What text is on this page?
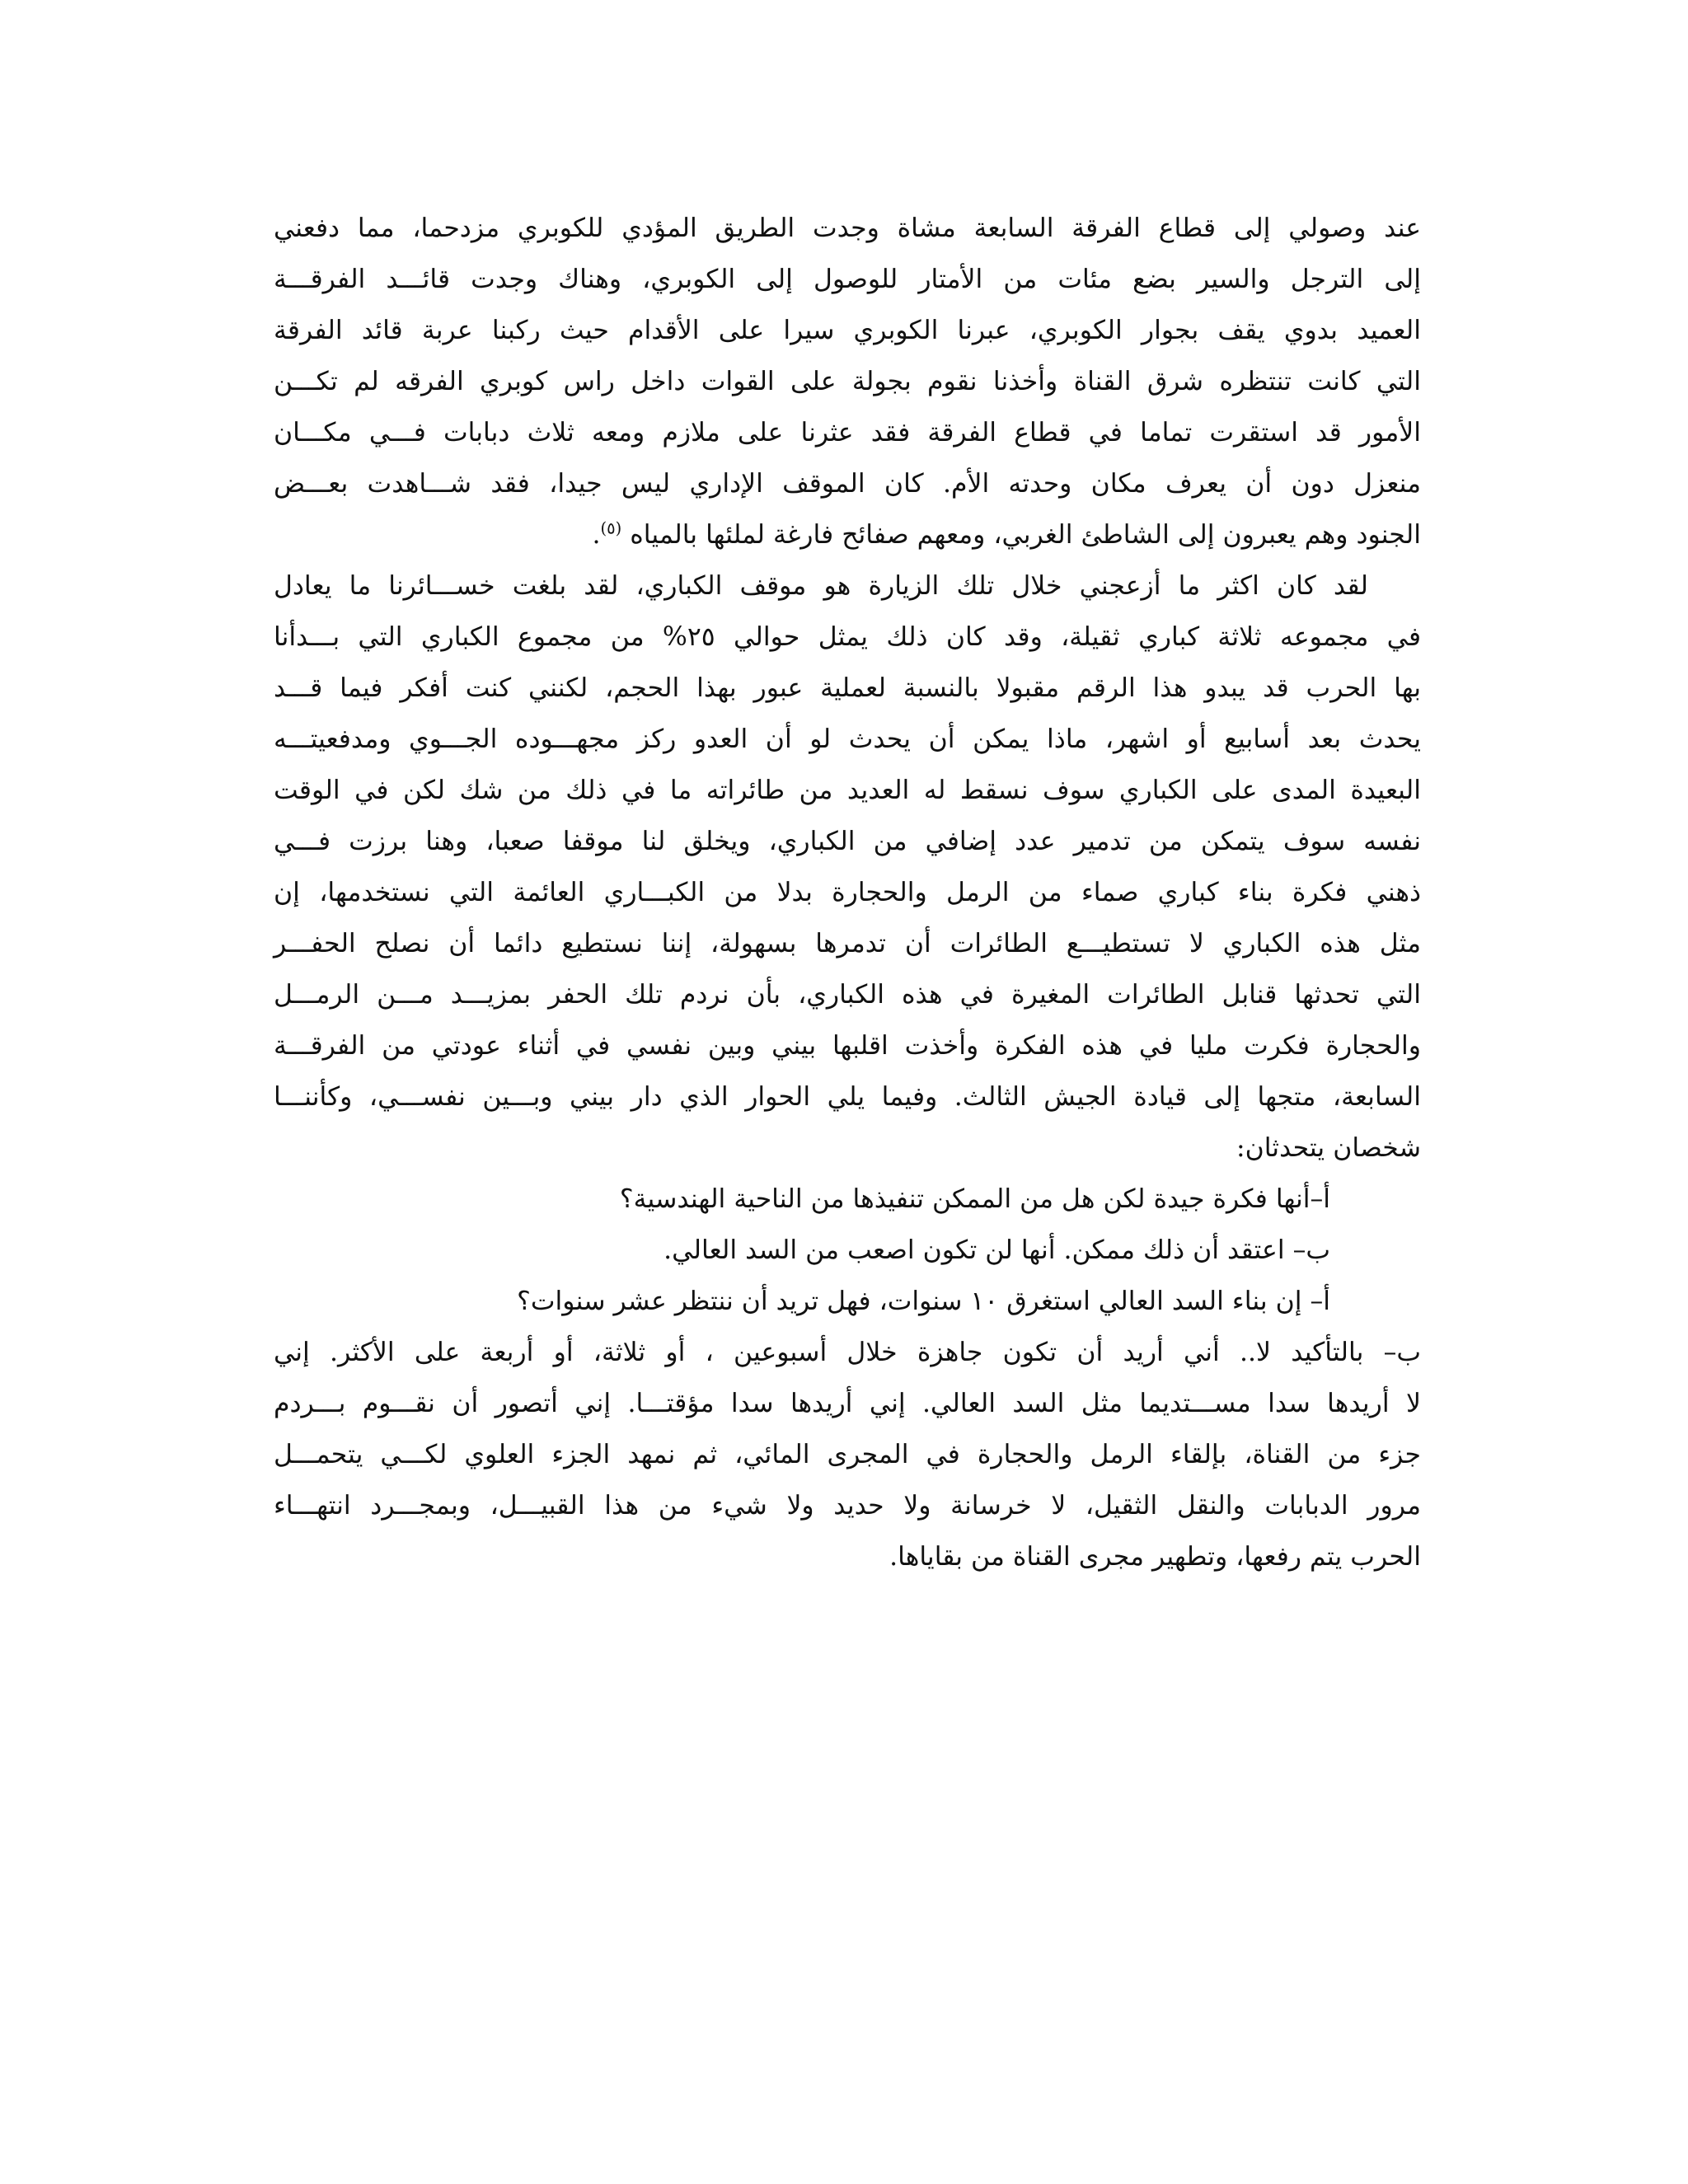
عند وصولي إلى قطاع الفرقة السابعة مشاة وجدت الطريق المؤدي للكوبري مزدحما، مما دفعني
إلى الترجل والسير بضع مئات من الأمتار للوصول إلى الكوبري، وهناك وجدت قائـــد الفرقـــة
العميد بدوي يقف بجوار الكوبري، عبرنا الكوبري سيرا على الأقدام حيث ركبنا عربة قائد الفرقة
التي كانت تنتظره شرق القناة وأخذنا نقوم بجولة على القوات داخل راس كوبري الفرقه لم تكـــن
الأمور قد استقرت تماما في قطاع الفرقة فقد عثرنا على ملازم ومعه ثلاث دبابات فـــي مكـــان
منعزل دون أن يعرف مكان وحدته الأم. كان الموقف الإداري ليس جيدا، فقد شـــاهدت بعـــض
الجنود وهم يعبرون إلى الشاطئ الغربي، ومعهم صفائح فارغة لملئها بالمياه $^{(٥)}$.
لقد كان اكثر ما أزعجني خلال تلك الزيارة هو موقف الكباري، لقد بلغت خســـائرنا ما يعادل
في مجموعه ثلاثة كباري ثقيلة، وقد كان ذلك يمثل حوالي ٢٥% من مجموع الكباري التي بـــدأنا
بها الحرب قد يبدو هذا الرقم مقبولا بالنسبة لعملية عبور بهذا الحجم، لكنني كنت أفكر فيما قـــد
يحدث بعد أسابيع أو اشهر، ماذا يمكن أن يحدث لو أن العدو ركز مجهـــوده الجـــوي ومدفعيتـــه
البعيدة المدى على الكباري سوف نسقط له العديد من طائراته ما في ذلك من شك لكن في الوقت
نفسه سوف يتمكن من تدمير عدد إضافي من الكباري، ويخلق لنا موقفا صعبا، وهنا برزت فـــي
ذهني فكرة بناء كباري صماء من الرمل والحجارة بدلا من الكبـــاري العائمة التي نستخدمها، إن
مثل هذه الكباري لا تستطيـــع الطائرات أن تدمرها بسهولة، إننا نستطيع دائما أن نصلح الحفـــر
التي تحدثها قنابل الطائرات المغيرة في هذه الكباري، بأن نردم تلك الحفر بمزيـــد مـــن الرمـــل
والحجارة فكرت مليا في هذه الفكرة وأخذت اقلبها بيني وبين نفسي في أثناء عودتي من الفرقـــة
السابعة، متجها إلى قيادة الجيش الثالث. وفيما يلي الحوار الذي دار بيني وبـــين نفســـي، وكأننـــا
شخصان يتحدثان:
أ–أنها فكرة جيدة لكن هل من الممكن تنفيذها من الناحية الهندسية؟
ب– اعتقد أن ذلك ممكن. أنها لن تكون اصعب من السد العالي.
أ– إن بناء السد العالي استغرق ١٠ سنوات، فهل تريد أن ننتظر عشر سنوات؟
ب– بالتأكيد لا.. أني أريد أن تكون جاهزة خلال أسبوعين ، أو ثلاثة، أو أربعة على الأكثر. إني
لا أريدها سدا مســـتديما مثل السد العالي. إني أريدها سدا مؤقتـــا. إني أتصور أن نقـــوم بـــردم
جزء من القناة، بإلقاء الرمل والحجارة في المجرى المائي، ثم نمهد الجزء العلوي لكـــي يتحمـــل
مرور الدبابات والنقل الثقيل، لا خرسانة ولا حديد ولا شيء من هذا القبيـــل، وبمجـــرد انتهـــاء
الحرب يتم رفعها، وتطهير مجرى القناة من بقاياها.
